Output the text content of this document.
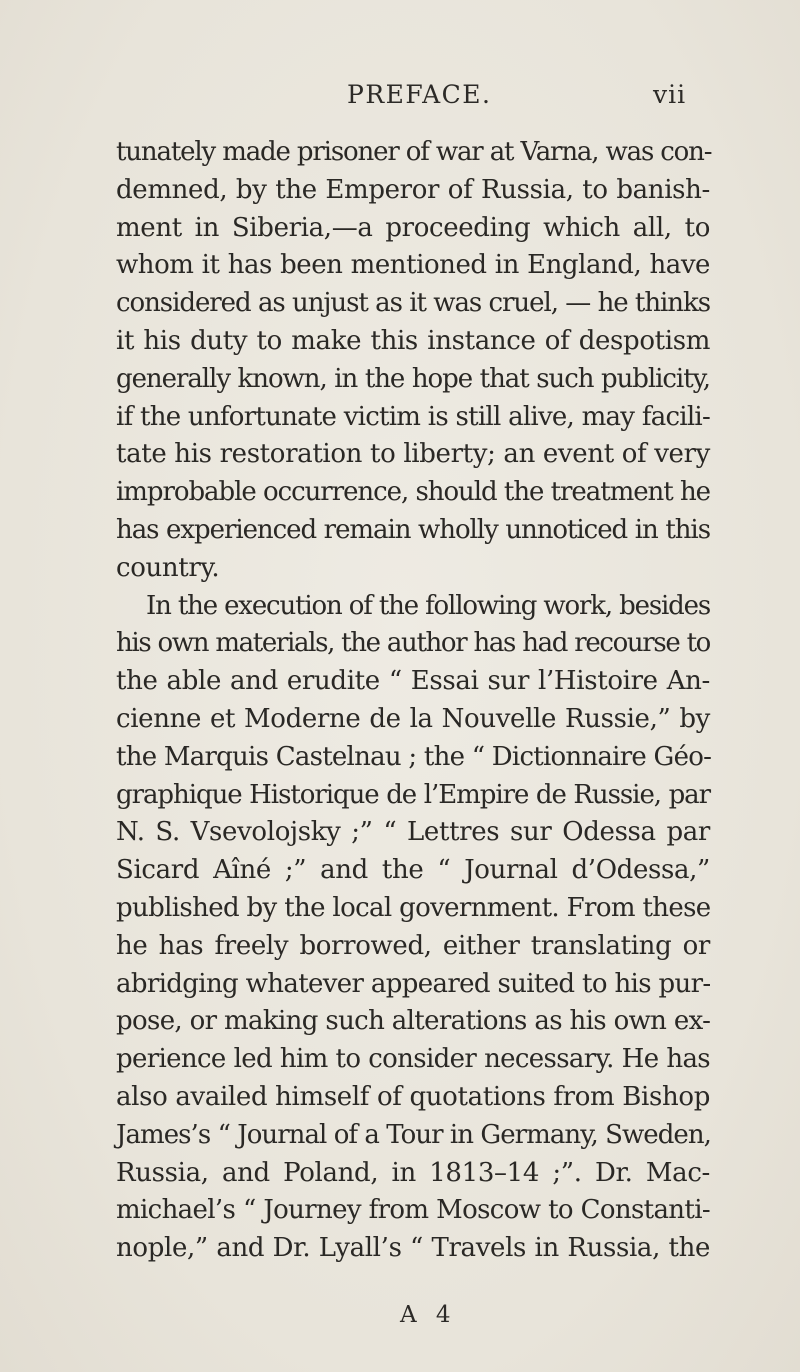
PREFACE.	vii
tunately made prisoner of war at Varna, was con-
demned, by the Emperor of Russia, to banish-
ment in Siberia,—a proceeding which all, to
whom it has been mentioned in England, have
considered as unjust as it was cruel, — he thinks
it his duty to make this instance of despotism
generally known, in the hope that such publicity,
if the unfortunate victim is still alive, may facili-
tate his restoration to liberty; an event of very
improbable occurrence, should the treatment he
has experienced remain wholly unnoticed in this
country.
In the execution of the following work, besides
his own materials, the author has had recourse to
the able and erudite “ Essai sur l’Histoire An-
cienne et Moderne de la Nouvelle Russie,” by
the Marquis Castelnau ; the “ Dictionnaire Géo-
graphique Historique de l’Empire de Russie, par
N. S. Vsevolojsky ;” “ Lettres sur Odessa par
Sicard Aîné ;” and the “ Journal d’Odessa,”
published by the local government. From these
he has freely borrowed, either translating or
abridging whatever appeared suited to his pur-
pose, or making such alterations as his own ex-
perience led him to consider necessary. He has
also availed himself of quotations from Bishop
James’s “ Journal of a Tour in Germany, Sweden,
Russia, and Poland, in 1813–14 ;”. Dr. Mac-
michael’s “ Journey from Moscow to Constanti-
nople,” and Dr. Lyall’s “ Travels in Russia, the
A 4
